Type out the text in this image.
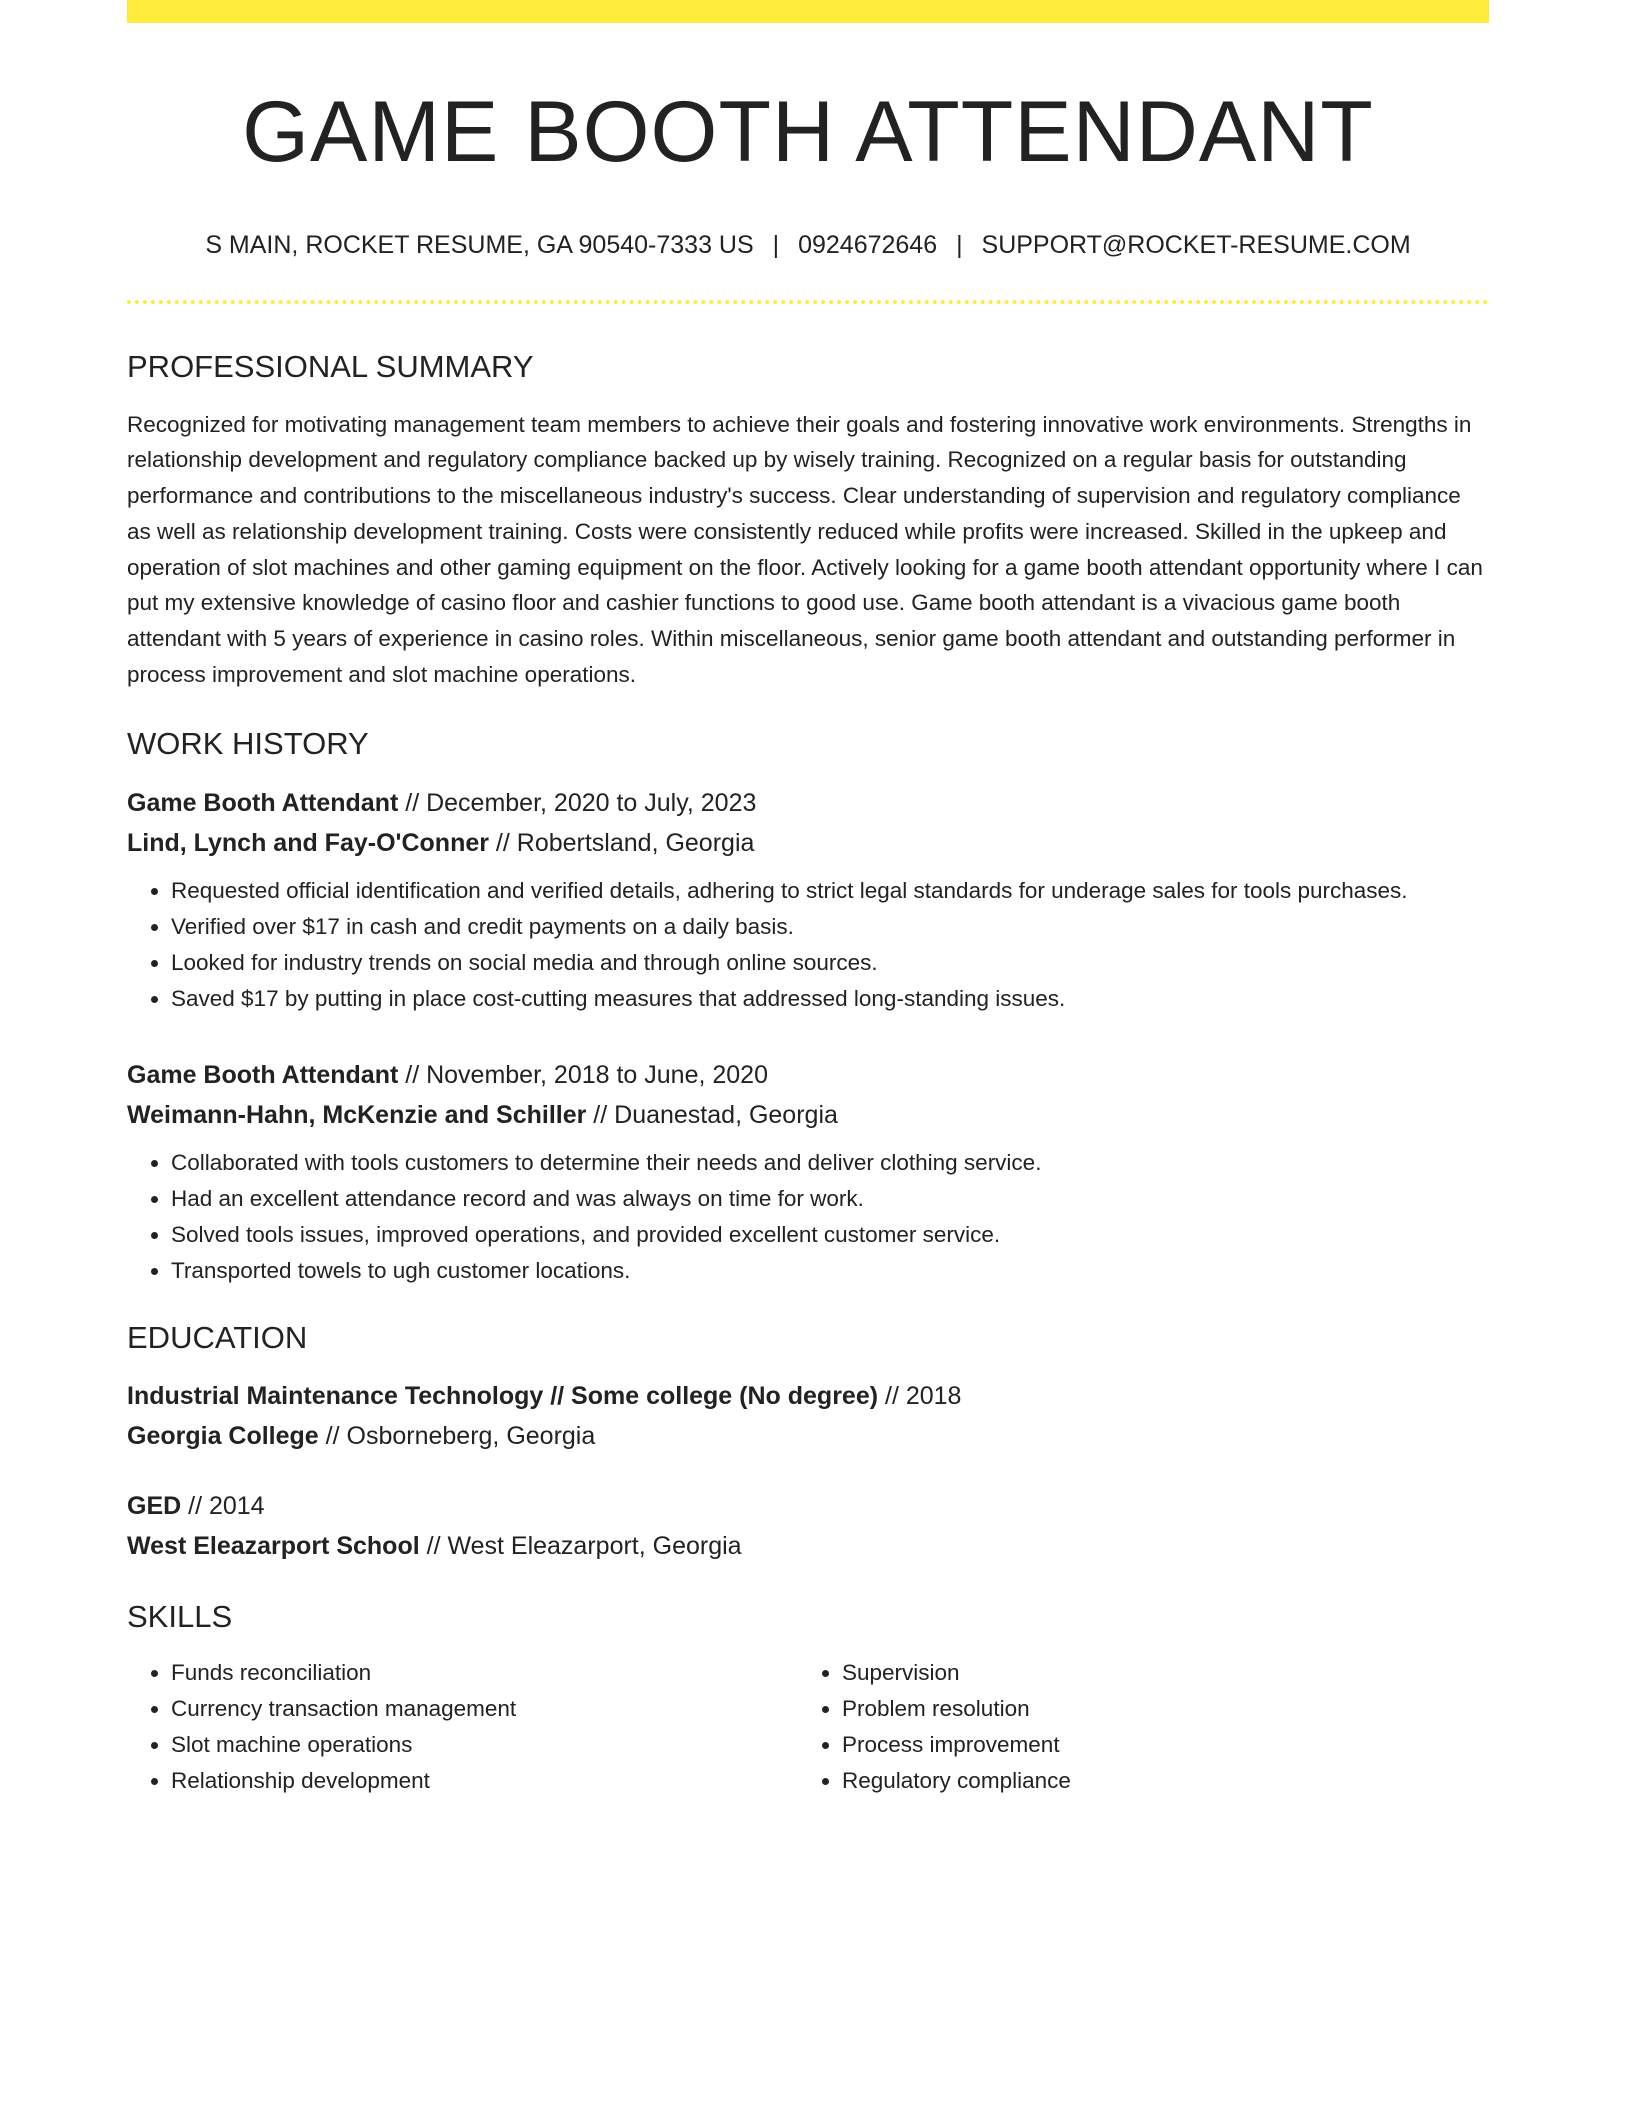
GAME BOOTH ATTENDANT
S MAIN, ROCKET RESUME, GA 90540-7333 US | 0924672646 | SUPPORT@ROCKET-RESUME.COM
PROFESSIONAL SUMMARY

Recognized for motivating management team members to achieve their goals and fostering innovative work environments. Strengths in relationship development and regulatory compliance backed up by wisely training. Recognized on a regular basis for outstanding performance and contributions to the miscellaneous industry's success. Clear understanding of supervision and regulatory compliance as well as relationship development training. Costs were consistently reduced while profits were increased. Skilled in the upkeep and operation of slot machines and other gaming equipment on the floor. Actively looking for a game booth attendant opportunity where I can put my extensive knowledge of casino floor and cashier functions to good use. Game booth attendant is a vivacious game booth attendant with 5 years of experience in casino roles. Within miscellaneous, senior game booth attendant and outstanding performer in process improvement and slot machine operations.

WORK HISTORY
Game Booth Attendant // December, 2020 to July, 2023
Lind, Lynch and Fay-O'Conner // Robertsland, Georgia
• Requested official identification and verified details, adhering to strict legal standards for underage sales for tools purchases.
• Verified over $17 in cash and credit payments on a daily basis.
• Looked for industry trends on social media and through online sources.
• Saved $17 by putting in place cost-cutting measures that addressed long-standing issues.
Game Booth Attendant // November, 2018 to June, 2020
Weimann-Hahn, McKenzie and Schiller // Duanestad, Georgia
• Collaborated with tools customers to determine their needs and deliver clothing service.
• Had an excellent attendance record and was always on time for work.
• Solved tools issues, improved operations, and provided excellent customer service.
• Transported towels to ugh customer locations.
EDUCATION
Industrial Maintenance Technology // Some college (No degree) // 2018
Georgia College // Osborneberg, Georgia
GED // 2014
West Eleazarport School // West Eleazarport, Georgia
SKILLS
• Funds reconciliation
• Currency transaction management
• Slot machine operations
• Relationship development
• Supervision
• Problem resolution
• Process improvement
• Regulatory compliance
